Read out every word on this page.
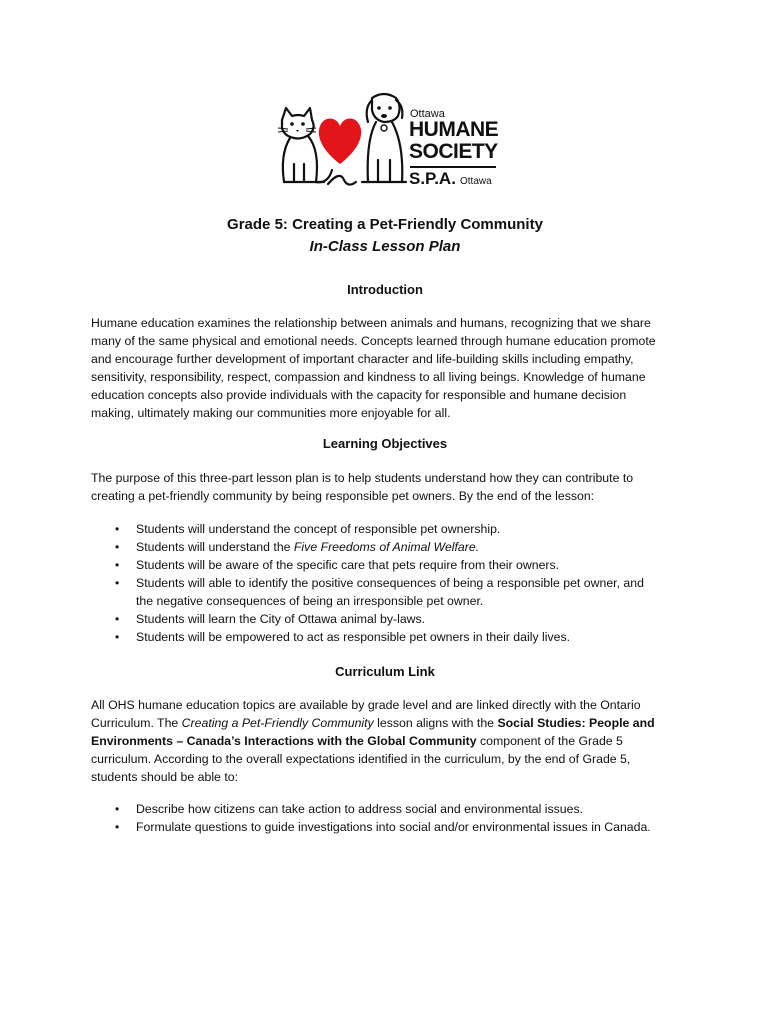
Ottawa
HUMANE
SOCIETY
S.P.A. Ottawa
Grade 5: Creating a Pet-Friendly Community
In-Class Lesson Plan
Introduction
Humane education examines the relationship between animals and humans, recognizing that we share
many of the same physical and emotional needs. Concepts learned through humane education promote
and encourage further development of important character and life-building skills including empathy,
sensitivity, responsibility, respect, compassion and kindness to all living beings. Knowledge of humane
education concepts also provide individuals with the capacity for responsible and humane decision
making, ultimately making our communities more enjoyable for all.
Learning Objectives
The purpose of this three-part lesson plan is to help students understand how they can contribute to
creating a pet-friendly community by being responsible pet owners. By the end of the lesson:
• Students will understand the concept of responsible pet ownership.
• Students will understand the Five Freedoms of Animal Welfare.
• Students will be aware of the specific care that pets require from their owners.
• Students will able to identify the positive consequences of being a responsible pet owner, and
the negative consequences of being an irresponsible pet owner.
• Students will learn the City of Ottawa animal by-laws.
• Students will be empowered to act as responsible pet owners in their daily lives.
Curriculum Link
All OHS humane education topics are available by grade level and are linked directly with the Ontario
Curriculum. The Creating a Pet-Friendly Community lesson aligns with the Social Studies: People and
Environments – Canada’s Interactions with the Global Community component of the Grade 5
curriculum. According to the overall expectations identified in the curriculum, by the end of Grade 5,
students should be able to:
• Describe how citizens can take action to address social and environmental issues.
• Formulate questions to guide investigations into social and/or environmental issues in Canada.
